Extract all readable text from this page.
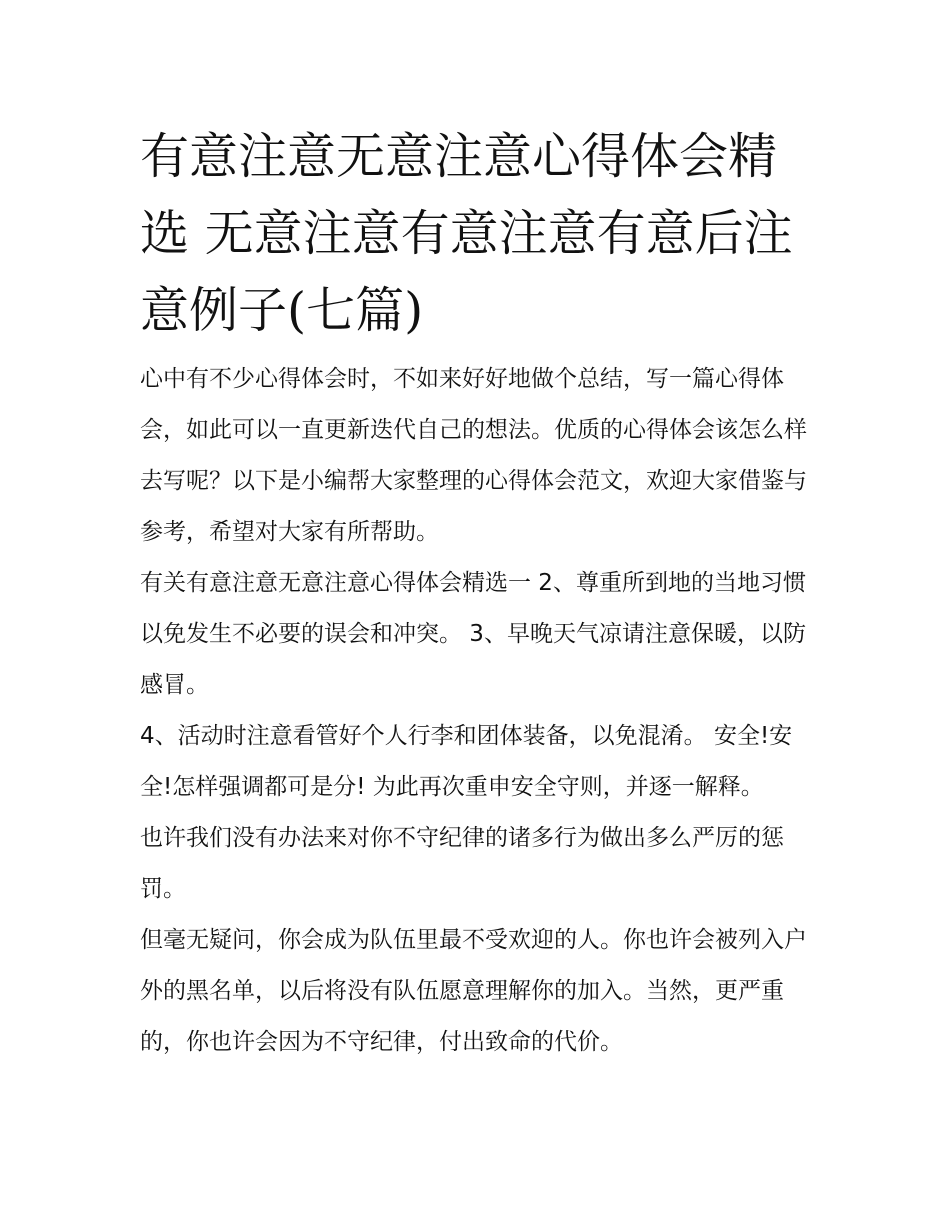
有意注意无意注意心得体会精选 无意注意有意注意有意后注意例子(七篇)

心中有不少心得体会时，不如来好好地做个总结，写一篇心得体会，如此可以一直更新迭代自己的想法。优质的心得体会该怎么样去写呢？以下是小编帮大家整理的心得体会范文，欢迎大家借鉴与参考，希望对大家有所帮助。

有关有意注意无意注意心得体会精选一 2、尊重所到地的当地习惯以免发生不必要的误会和冲突。 3、早晚天气凉请注意保暖，以防感冒。

4、活动时注意看管好个人行李和团体装备，以免混淆。 安全!安全!怎样强调都可是分! 为此再次重申安全守则，并逐一解释。

也许我们没有办法来对你不守纪律的诸多行为做出多么严厉的惩罚。

但毫无疑问，你会成为队伍里最不受欢迎的人。你也许会被列入户外的黑名单，以后将没有队伍愿意理解你的加入。当然，更严重的，你也许会因为不守纪律，付出致命的代价。
